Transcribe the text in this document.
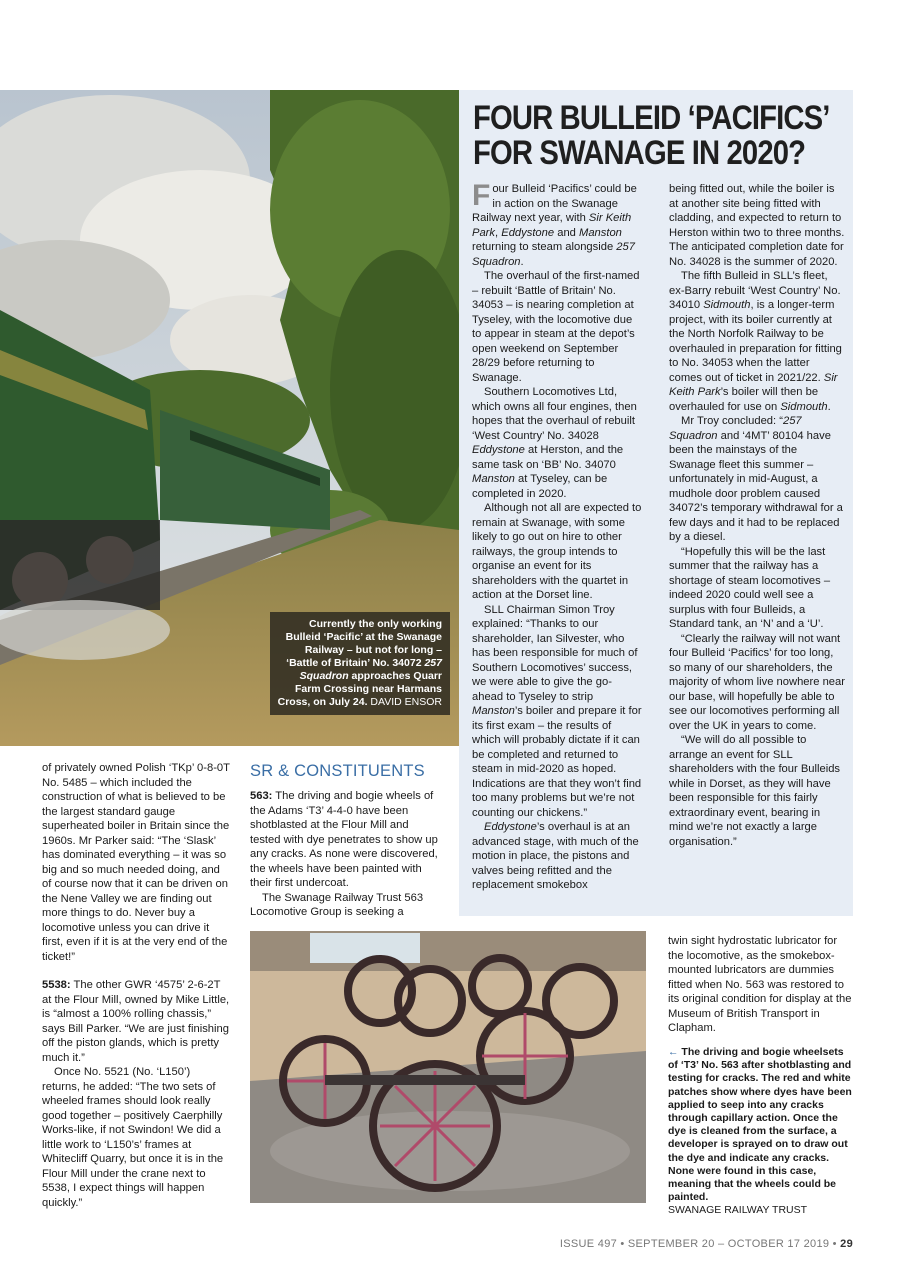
Currently the only working Bulleid ‘Pacific’ at the Swanage Railway – but not for long – ‘Battle of Britain’ No. 34072 257 Squadron approaches Quarr Farm Crossing near Harmans Cross, on July 24. DAVID ENSOR
FOUR BULLEID ‘PACIFICS’
FOR SWANAGE IN 2020?

Four Bulleid ‘Pacifics’ could be in action on the Swanage Railway next year, with Sir Keith Park, Eddystone and Manston returning to steam alongside 257 Squadron.

The overhaul of the first-named – rebuilt ‘Battle of Britain’ No. 34053 – is nearing completion at Tyseley, with the locomotive due to appear in steam at the depot’s open weekend on September 28/29 before returning to Swanage.

Southern Locomotives Ltd, which owns all four engines, then hopes that the overhaul of rebuilt ‘West Country’ No. 34028 Eddystone at Herston, and the same task on ‘BB’ No. 34070 Manston at Tyseley, can be completed in 2020.

Although not all are expected to remain at Swanage, with some likely to go out on hire to other railways, the group intends to organise an event for its shareholders with the quartet in action at the Dorset line.

SLL Chairman Simon Troy explained: “Thanks to our shareholder, Ian Silvester, who has been responsible for much of Southern Locomotives’ success, we were able to give the go-ahead to Tyseley to strip Manston’s boiler and prepare it for its first exam – the results of which will probably dictate if it can be completed and returned to steam in mid-2020 as hoped. Indications are that they won’t find too many problems but we’re not counting our chickens.”

Eddystone’s overhaul is at an advanced stage, with much of the motion in place, the pistons and valves being refitted and the replacement smokebox

being fitted out, while the boiler is at another site being fitted with cladding, and expected to return to Herston within two to three months. The anticipated completion date for No. 34028 is the summer of 2020.

The fifth Bulleid in SLL’s fleet, ex-Barry rebuilt ‘West Country’ No. 34010 Sidmouth, is a longer-term project, with its boiler currently at the North Norfolk Railway to be overhauled in preparation for fitting to No. 34053 when the latter comes out of ticket in 2021/22. Sir Keith Park’s boiler will then be overhauled for use on Sidmouth.

Mr Troy concluded: “257 Squadron and ‘4MT’ 80104 have been the mainstays of the Swanage fleet this summer – unfortunately in mid-August, a mudhole door problem caused 34072’s temporary withdrawal for a few days and it had to be replaced by a diesel.

“Hopefully this will be the last summer that the railway has a shortage of steam locomotives – indeed 2020 could well see a surplus with four Bulleids, a Standard tank, an ‘N’ and a ‘U’.

“Clearly the railway will not want four Bulleid ‘Pacifics’ for too long, so many of our shareholders, the majority of whom live nowhere near our base, will hopefully be able to see our locomotives performing all over the UK in years to come.

“We will do all possible to arrange an event for SLL shareholders with the four Bulleids while in Dorset, as they will have been responsible for this fairly extraordinary event, bearing in mind we’re not exactly a large organisation.”

of privately owned Polish ‘TKp’ 0-8-0T No. 5485 – which included the construction of what is believed to be the largest standard gauge superheated boiler in Britain since the 1960s. Mr Parker said: “The ‘Slask’ has dominated everything – it was so big and so much needed doing, and of course now that it can be driven on the Nene Valley we are finding out more things to do. Never buy a locomotive unless you can drive it first, even if it is at the very end of the ticket!”

5538: The other GWR ‘4575’ 2-6-2T at the Flour Mill, owned by Mike Little, is “almost a 100% rolling chassis,” says Bill Parker. “We are just finishing off the piston glands, which is pretty much it.”

Once No. 5521 (No. ‘L150’) returns, he added: “The two sets of wheeled frames should look really good together – positively Caerphilly Works-like, if not Swindon! We did a little work to ‘L150’s’ frames at Whitecliff Quarry, but once it is in the Flour Mill under the crane next to 5538, I expect things will happen quickly.”

SR & CONSTITUENTS

563: The driving and bogie wheels of the Adams ‘T3’ 4-4-0 have been shotblasted at the Flour Mill and tested with dye penetrates to show up any cracks. As none were discovered, the wheels have been painted with their first undercoat.

The Swanage Railway Trust 563 Locomotive Group is seeking a

twin sight hydrostatic lubricator for the locomotive, as the smokebox-mounted lubricators are dummies fitted when No. 563 was restored to its original condition for display at the Museum of British Transport in Clapham.

← The driving and bogie wheelsets of ‘T3’ No. 563 after shotblasting and testing for cracks. The red and white patches show where dyes have been applied to seep into any cracks through capillary action. Once the dye is cleaned from the surface, a developer is sprayed on to draw out the dye and indicate any cracks. None were found in this case, meaning that the wheels could be painted.
SWANAGE RAILWAY TRUST
ISSUE 497 • SEPTEMBER 20 – OCTOBER 17 2019 • 29
